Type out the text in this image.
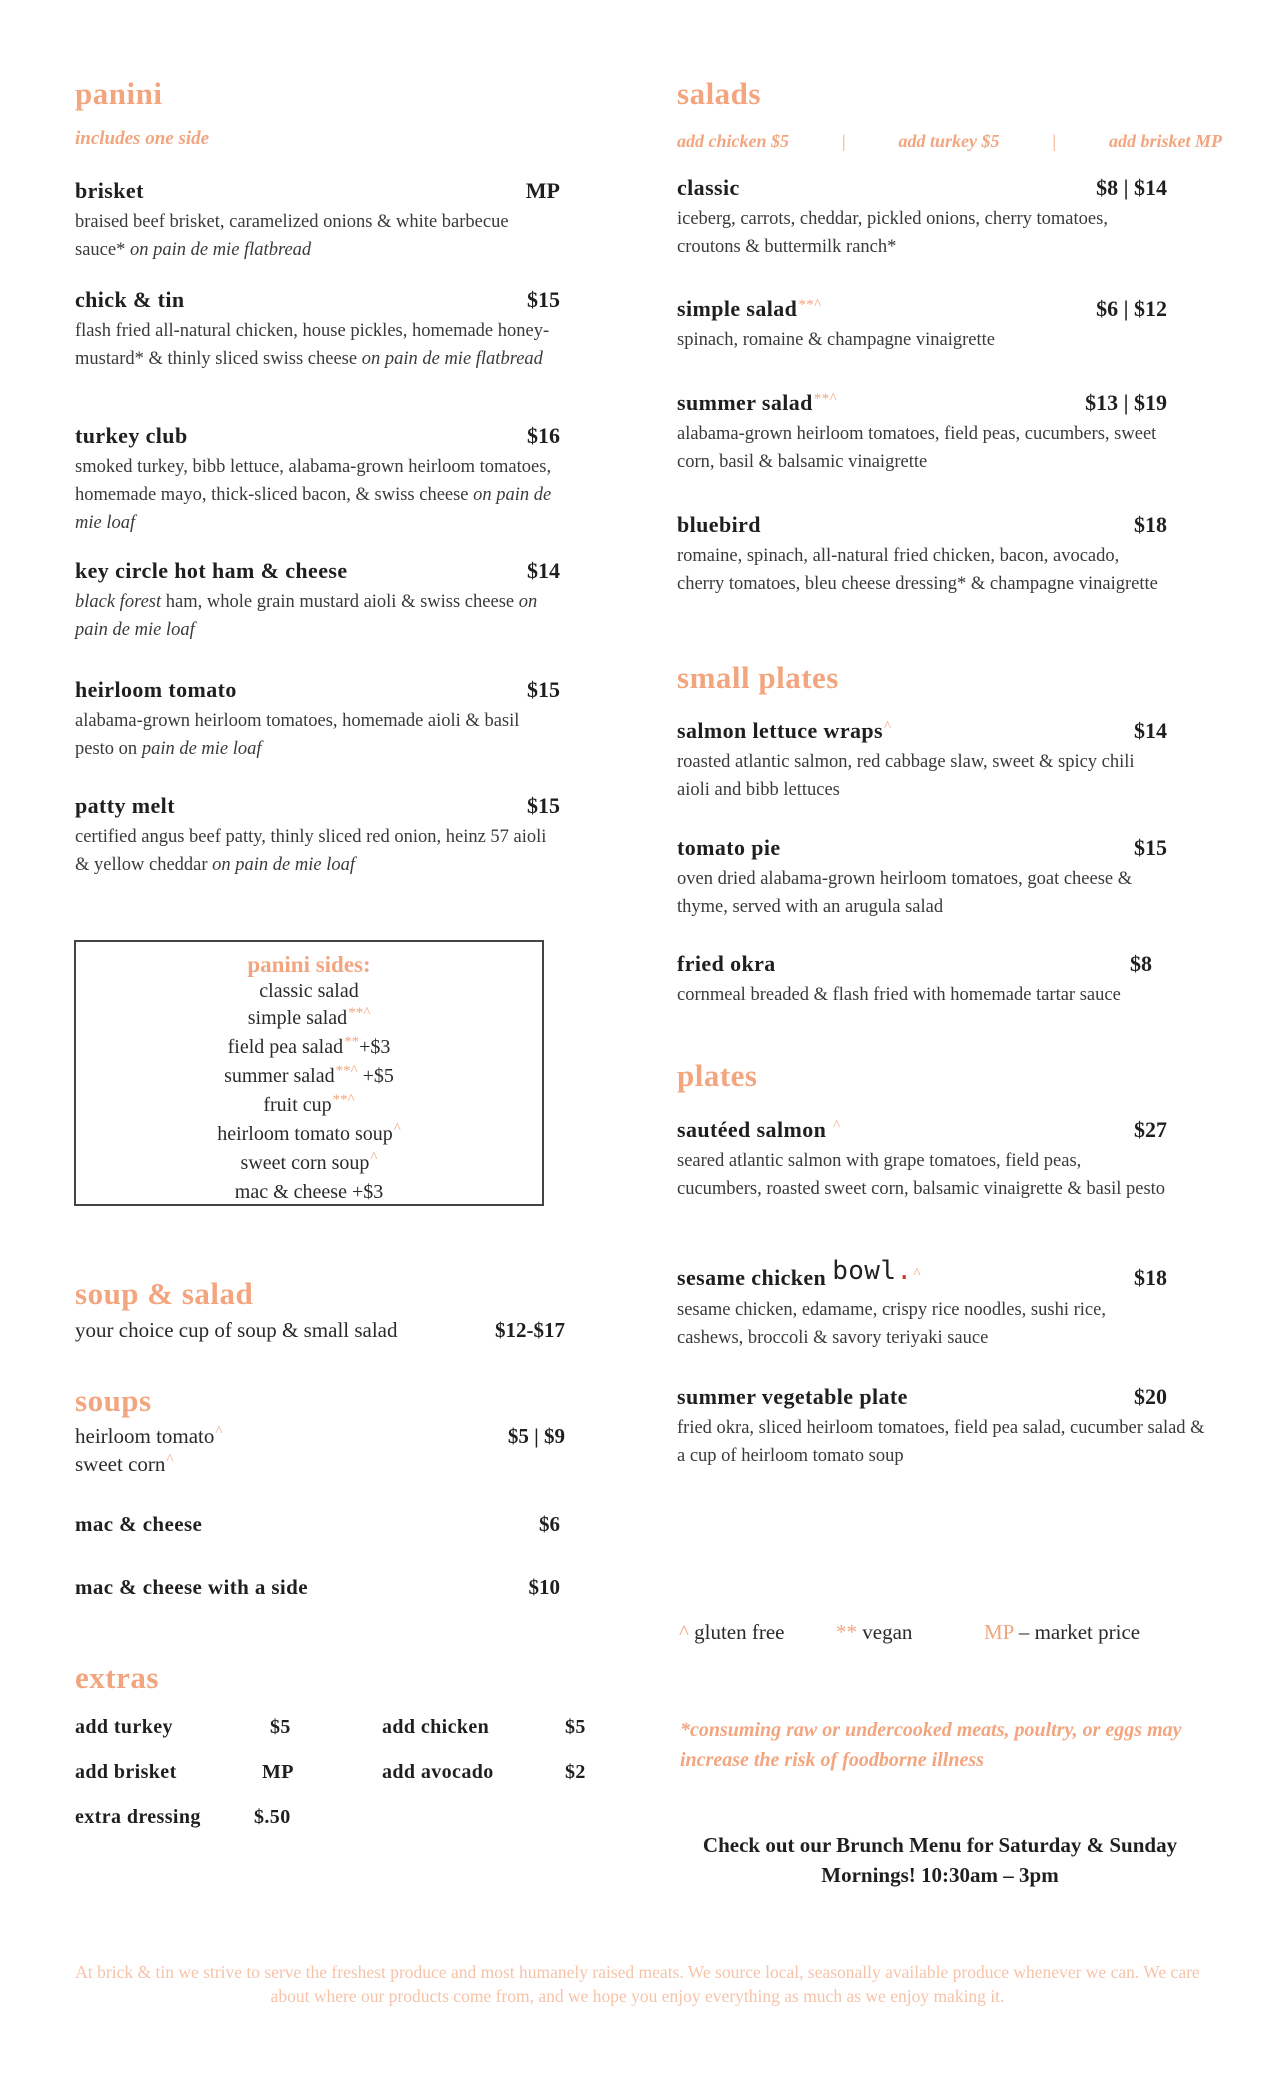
panini
includes one side
brisket	MP
braised beef brisket, caramelized onions & white barbecue sauce* on pain de mie flatbread
chick & tin	$15
flash fried all-natural chicken, house pickles, homemade honey-mustard* & thinly sliced swiss cheese on pain de mie flatbread
turkey club	$16
smoked turkey, bibb lettuce, alabama-grown heirloom tomatoes, homemade mayo, thick-sliced bacon, & swiss cheese on pain de mie loaf
key circle hot ham & cheese	$14
black forest ham, whole grain mustard aioli & swiss cheese on pain de mie loaf
heirloom tomato	$15
alabama-grown heirloom tomatoes, homemade aioli & basil pesto on pain de mie loaf
patty melt	$15
certified angus beef patty, thinly sliced red onion, heinz 57 aioli & yellow cheddar on pain de mie loaf
panini sides:
classic salad
simple salad**^
field pea salad**+$3
summer salad**^ +$5
fruit cup**^
heirloom tomato soup^
sweet corn soup^
mac & cheese +$3
soup & salad
your choice cup of soup & small salad	$12-$17
soups
heirloom tomato^	$5 | $9
sweet corn^
mac & cheese	$6
mac & cheese with a side	$10
extras
add turkey	$5	add chicken	$5
add brisket	MP	add avocado	$2
extra dressing	$.50
salads
add chicken $5	|	add turkey $5	|	add brisket MP
classic	$8 | $14
iceberg, carrots, cheddar, pickled onions, cherry tomatoes, croutons & buttermilk ranch*
simple salad**^	$6 | $12
spinach, romaine & champagne vinaigrette
summer salad**^	$13 | $19
alabama-grown heirloom tomatoes, field peas, cucumbers, sweet corn, basil & balsamic vinaigrette
bluebird	$18
romaine, spinach, all-natural fried chicken, bacon, avocado, cherry tomatoes, bleu cheese dressing* & champagne vinaigrette
small plates
salmon lettuce wraps^	$14
roasted atlantic salmon, red cabbage slaw, sweet & spicy chili aioli and bibb lettuces
tomato pie	$15
oven dried alabama-grown heirloom tomatoes, goat cheese & thyme, served with an arugula salad
fried okra	$8
cornmeal breaded & flash fried with homemade tartar sauce
plates
sautéed salmon ^	$27
seared atlantic salmon with grape tomatoes, field peas, cucumbers, roasted sweet corn, balsamic vinaigrette & basil pesto
sesame chicken bowl.^	$18
sesame chicken, edamame, crispy rice noodles, sushi rice, cashews, broccoli & savory teriyaki sauce
summer vegetable plate	$20
fried okra, sliced heirloom tomatoes, field pea salad, cucumber salad & a cup of heirloom tomato soup
^ gluten free ** vegan	MP – market price
*consuming raw or undercooked meats, poultry, or eggs may increase the risk of foodborne illness
Check out our Brunch Menu for Saturday & Sunday Mornings! 10:30am – 3pm
At brick & tin we strive to serve the freshest produce and most humanely raised meats. We source local, seasonally available produce whenever we can. We care about where our products come from, and we hope you enjoy everything as much as we enjoy making it.
